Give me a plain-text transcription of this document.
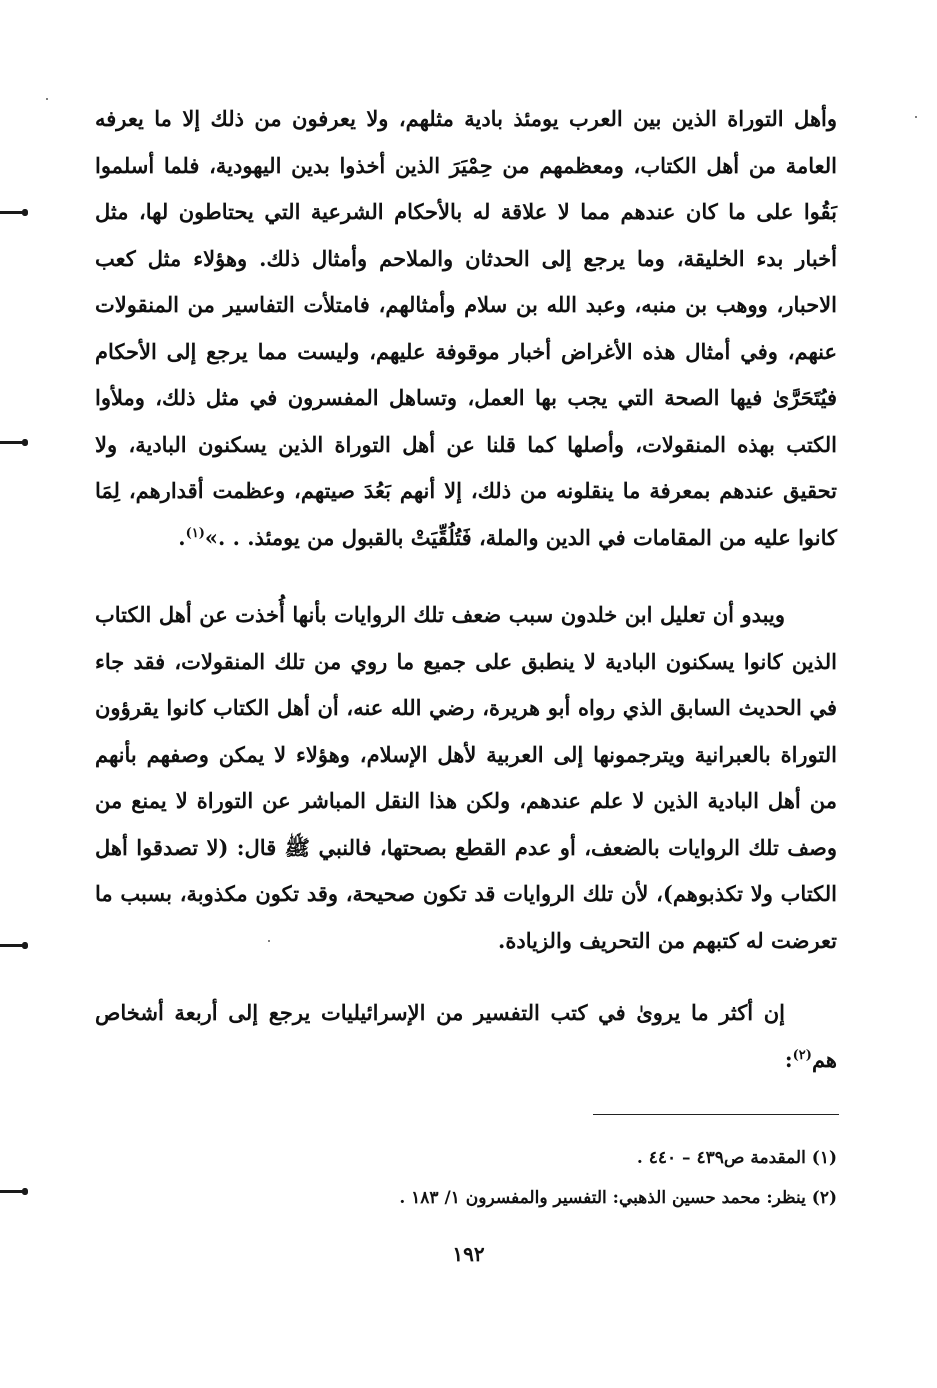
وأهل التوراة الذين بين العرب يومئذ بادية مثلهم، ولا يعرفون من ذلك إلا ما يعرفه العامة من أهل الكتاب، ومعظمهم من حِمْيَرَ الذين أخذوا بدين اليهودية، فلما أسلموا بَقُوا على ما كان عندهم مما لا علاقة له بالأحكام الشرعية التي يحتاطون لها، مثل أخبار بدء الخليقة، وما يرجع إلى الحدثان والملاحم وأمثال ذلك. وهؤلاء مثل كعب الاحبار، ووهب بن منبه، وعبد الله بن سلام وأمثالهم، فامتلأت التفاسير من المنقولات عنهم، وفي أمثال هذه الأغراض أخبار موقوفة عليهم، وليست مما يرجع إلى الأحكام فيُتَحَرَّىٰ فيها الصحة التي يجب بها العمل، وتساهل المفسرون في مثل ذلك، وملأوا الكتب بهذه المنقولات، وأصلها كما قلنا عن أهل التوراة الذين يسكنون البادية، ولا تحقيق عندهم بمعرفة ما ينقلونه من ذلك، إلا أنهم بَعُدَ صيتهم، وعظمت أقدارهم، لِمَا كانوا عليه من المقامات في الدين والملة، فَتُلُقِّيَتْ بالقبول من يومئذ. . .»$^{(١)}$.

ويبدو أن تعليل ابن خلدون سبب ضعف تلك الروايات بأنها أُخذت عن أهل الكتاب الذين كانوا يسكنون البادية لا ينطبق على جميع ما روي من تلك المنقولات، فقد جاء في الحديث السابق الذي رواه أبو هريرة، رضي الله عنه، أن أهل الكتاب كانوا يقرؤون التوراة بالعبرانية ويترجمونها إلى العربية لأهل الإسلام، وهؤلاء لا يمكن وصفهم بأنهم من أهل البادية الذين لا علم عندهم، ولكن هذا النقل المباشر عن التوراة لا يمنع من وصف تلك الروايات بالضعف، أو عدم القطع بصحتها، فالنبي ﷺ قال: (لا تصدقوا أهل الكتاب ولا تكذبوهم)، لأن تلك الروايات قد تكون صحيحة، وقد تكون مكذوبة، بسبب ما تعرضت له كتبهم من التحريف والزيادة.

إن أكثر ما يروىٰ في كتب التفسير من الإسرائيليات يرجع إلى أربعة أشخاص هم$^{(٢)}$:

(١) المقدمة ص٤٣٩ – ٤٤٠ .

(٢) ينظر: محمد حسين الذهبي: التفسير والمفسرون ١/ ١٨٣ .

١٩٢
